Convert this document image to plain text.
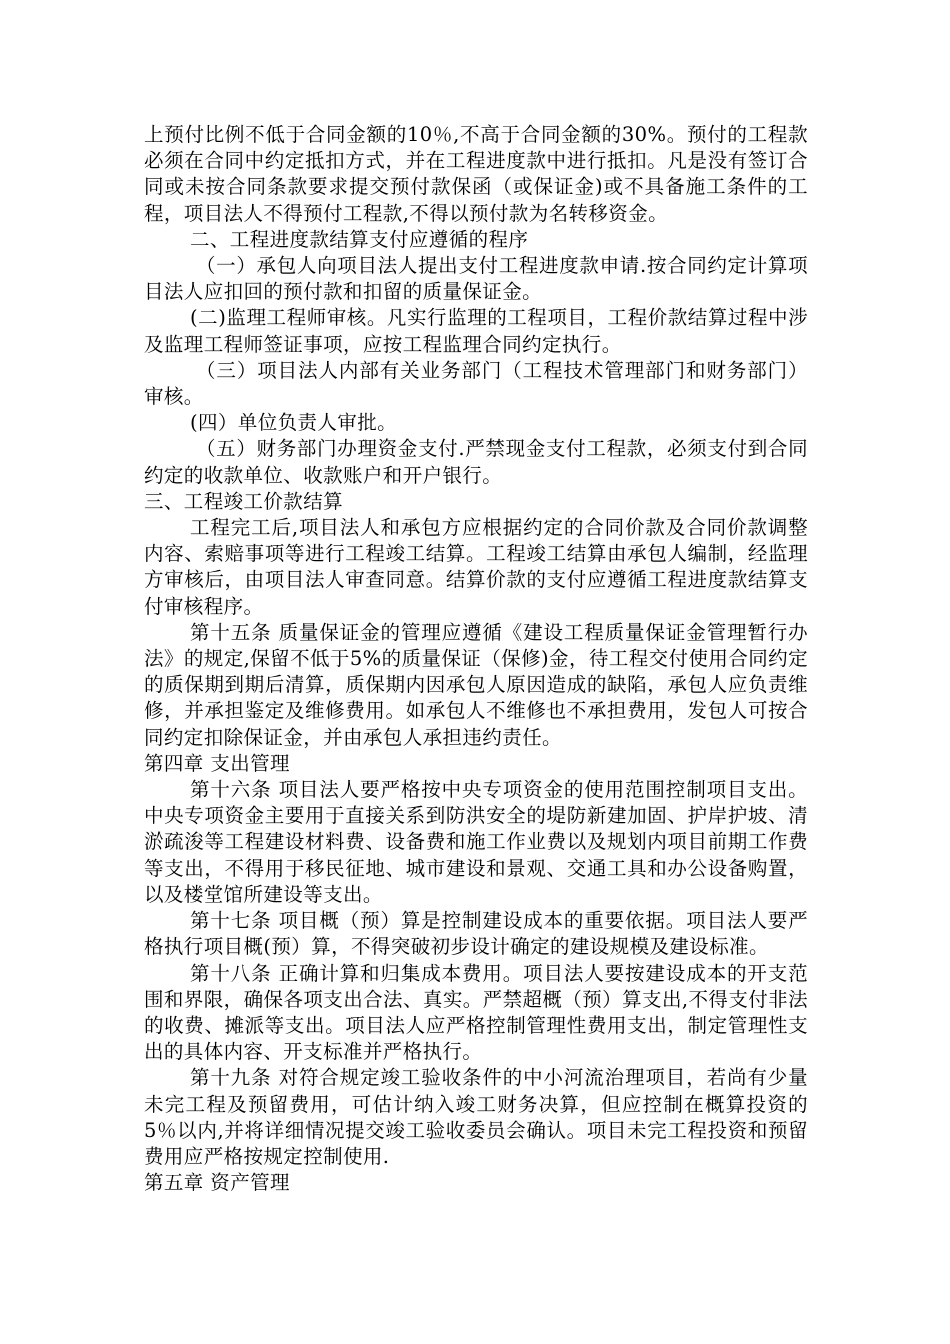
上预付比例不低于合同金额的10％,不高于合同金额的30%。预付的工程款必须在合同中约定抵扣方式，并在工程进度款中进行抵扣。凡是没有签订合同或未按合同条款要求提交预付款保函（或保证金)或不具备施工条件的工程，项目法人不得预付工程款,不得以预付款为名转移资金。

二、工程进度款结算支付应遵循的程序

（一）承包人向项目法人提出支付工程进度款申请.按合同约定计算项目法人应扣回的预付款和扣留的质量保证金。

(二)监理工程师审核。凡实行监理的工程项目，工程价款结算过程中涉及监理工程师签证事项，应按工程监理合同约定执行。

（三）项目法人内部有关业务部门（工程技术管理部门和财务部门）审核。

(四）单位负责人审批。

（五）财务部门办理资金支付.严禁现金支付工程款，必须支付到合同约定的收款单位、收款账户和开户银行。

三、工程竣工价款结算

工程完工后,项目法人和承包方应根据约定的合同价款及合同价款调整内容、索赔事项等进行工程竣工结算。工程竣工结算由承包人编制，经监理方审核后，由项目法人审查同意。结算价款的支付应遵循工程进度款结算支付审核程序。

第十五条 质量保证金的管理应遵循《建设工程质量保证金管理暂行办法》的规定,保留不低于5%的质量保证（保修)金，待工程交付使用合同约定的质保期到期后清算，质保期内因承包人原因造成的缺陷，承包人应负责维修，并承担鉴定及维修费用。如承包人不维修也不承担费用，发包人可按合同约定扣除保证金，并由承包人承担违约责任。

第四章 支出管理

第十六条 项目法人要严格按中央专项资金的使用范围控制项目支出。中央专项资金主要用于直接关系到防洪安全的堤防新建加固、护岸护坡、清淤疏浚等工程建设材料费、设备费和施工作业费以及规划内项目前期工作费等支出，不得用于移民征地、城市建设和景观、交通工具和办公设备购置，以及楼堂馆所建设等支出。

第十七条 项目概（预）算是控制建设成本的重要依据。项目法人要严格执行项目概(预）算，不得突破初步设计确定的建设规模及建设标准。

第十八条 正确计算和归集成本费用。项目法人要按建设成本的开支范围和界限，确保各项支出合法、真实。严禁超概（预）算支出,不得支付非法的收费、摊派等支出。项目法人应严格控制管理性费用支出，制定管理性支出的具体内容、开支标准并严格执行。

第十九条 对符合规定竣工验收条件的中小河流治理项目，若尚有少量未完工程及预留费用，可估计纳入竣工财务决算，但应控制在概算投资的5％以内,并将详细情况提交竣工验收委员会确认。项目未完工程投资和预留费用应严格按规定控制使用.

第五章 资产管理
